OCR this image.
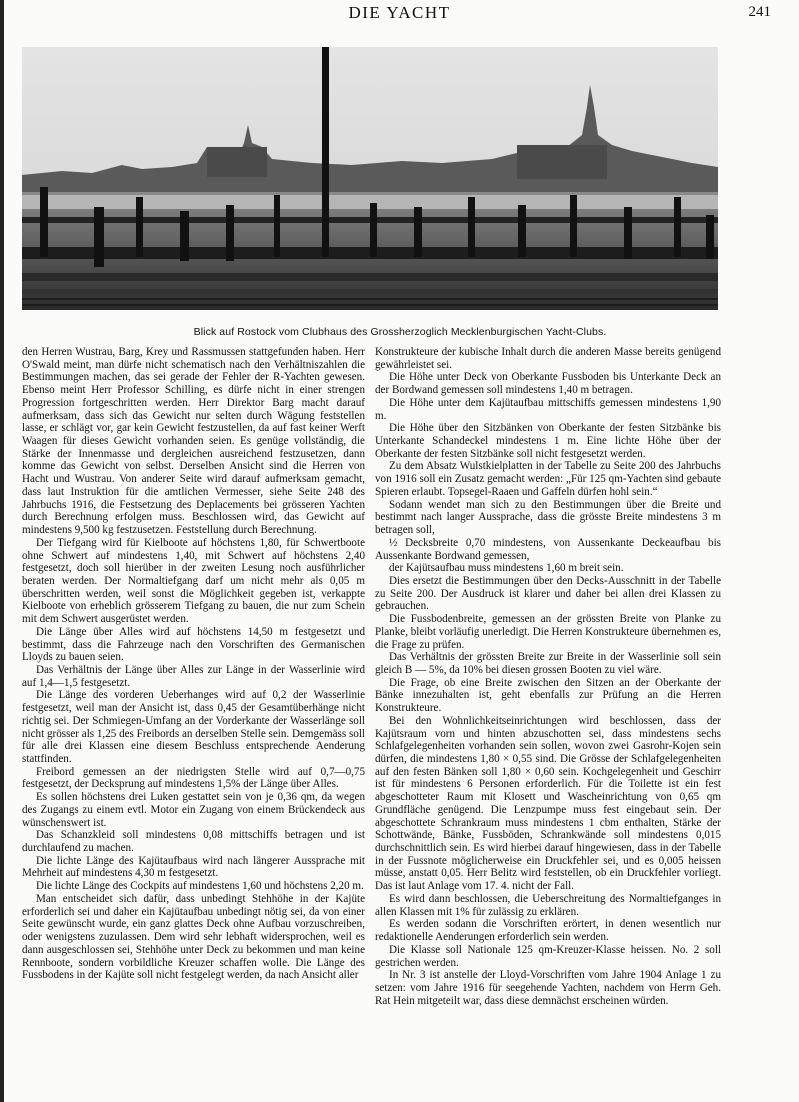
DIE YACHT	241
Blick auf Rostock vom Clubhaus des Grossherzoglich Mecklenburgischen Yacht-Clubs.

den Herren Wustrau, Barg, Krey und Rassmussen stattgefunden haben. Herr O'Swald meint, man dürfe nicht schematisch nach den Verhältniszahlen die Bestimmungen machen, das sei gerade der Fehler der R-Yachten gewesen. Ebenso meint Herr Professor Schilling, es dürfe nicht in einer strengen Progression fortgeschritten werden. Herr Direktor Barg macht darauf aufmerksam, dass sich das Gewicht nur selten durch Wägung feststellen lasse, er schlägt vor, gar kein Gewicht festzustellen, da auf fast keiner Werft Waagen für dieses Gewicht vorhanden seien. Es genüge vollständig, die Stärke der Innenmasse und dergleichen ausreichend festzusetzen, dann komme das Gewicht von selbst. Derselben Ansicht sind die Herren von Hacht und Wustrau. Von anderer Seite wird darauf aufmerksam gemacht, dass laut Instruktion für die amtlichen Vermesser, siehe Seite 248 des Jahrbuchs 1916, die Festsetzung des Deplacements bei grösseren Yachten durch Berechnung erfolgen muss. Beschlossen wird, das Gewicht auf mindestens 9,500 kg festzusetzen. Feststellung durch Berechnung.

Der Tiefgang wird für Kielboote auf höchstens 1,80, für Schwertboote ohne Schwert auf mindestens 1,40, mit Schwert auf höchstens 2,40 festgesetzt, doch soll hierüber in der zweiten Lesung noch ausführlicher beraten werden. Der Normaltiefgang darf um nicht mehr als 0,05 m überschritten werden, weil sonst die Möglichkeit gegeben ist, verkappte Kielboote von erheblich grösserem Tiefgang zu bauen, die nur zum Schein mit dem Schwert ausgerüstet werden.

Die Länge über Alles wird auf höchstens 14,50 m festgesetzt und bestimmt, dass die Fahrzeuge nach den Vorschriften des Germanischen Lloyds zu bauen seien.

Das Verhältnis der Länge über Alles zur Länge in der Wasserlinie wird auf 1,4—1,5 festgesetzt.

Die Länge des vorderen Ueberhanges wird auf 0,2 der Wasserlinie festgesetzt, weil man der Ansicht ist, dass 0,45 der Gesamtüberhänge nicht richtig sei. Der Schmiegen-Umfang an der Vorderkante der Wasserlänge soll nicht grösser als 1,25 des Freibords an derselben Stelle sein. Demgemäss soll für alle drei Klassen eine diesem Beschluss entsprechende Aenderung stattfinden.

Freibord gemessen an der niedrigsten Stelle wird auf 0,7—0,75 festgesetzt, der Decksprung auf mindestens 1,5% der Länge über Alles.

Es sollen höchstens drei Luken gestattet sein von je 0,36 qm, da wegen des Zugangs zu einem evtl. Motor ein Zugang von einem Brückendeck aus wünschenswert ist.

Das Schanzkleid soll mindestens 0,08 mittschiffs betragen und ist durchlaufend zu machen.

Die lichte Länge des Kajütaufbaus wird nach längerer Aussprache mit Mehrheit auf mindestens 4,30 m festgesetzt.

Die lichte Länge des Cockpits auf mindestens 1,60 und höchstens 2,20 m.

Man entscheidet sich dafür, dass unbedingt Stehhöhe in der Kajüte erforderlich sei und daher ein Kajütaufbau unbedingt nötig sei, da von einer Seite gewünscht wurde, ein ganz glattes Deck ohne Aufbau vorzuschreiben, oder wenigstens zuzulassen. Dem wird sehr lebhaft widersprochen, weil es dann ausgeschlossen sei, Stehhöhe unter Deck zu bekommen und man keine Rennboote, sondern vorbildliche Kreuzer schaffen wolle. Die Länge des Fussbodens in der Kajüte soll nicht festgelegt werden, da nach Ansicht aller

Konstrukteure der kubische Inhalt durch die anderen Masse bereits genügend gewährleistet sei.

Die Höhe unter Deck von Oberkante Fussboden bis Unterkante Deck an der Bordwand gemessen soll mindestens 1,40 m betragen.

Die Höhe unter dem Kajütaufbau mittschiffs gemessen mindestens 1,90 m.

Die Höhe über den Sitzbänken von Oberkante der festen Sitzbänke bis Unterkante Schandeckel mindestens 1 m. Eine lichte Höhe über der Oberkante der festen Sitzbänke soll nicht festgesetzt werden.

Zu dem Absatz Wulstkielplatten in der Tabelle zu Seite 200 des Jahrbuchs von 1916 soll ein Zusatz gemacht werden: „Für 125 qm-Yachten sind gebaute Spieren erlaubt. Topsegel-Raaen und Gaffeln dürfen hohl sein.“

Sodann wendet man sich zu den Bestimmungen über die Breite und bestimmt nach langer Aussprache, dass die grösste Breite mindestens 3 m betragen soll,

½ Decksbreite 0,70 mindestens, von Aussenkante Deckeaufbau bis Aussenkante Bordwand gemessen,

der Kajütsaufbau muss mindestens 1,60 m breit sein.

Dies ersetzt die Bestimmungen über den Decks-Ausschnitt in der Tabelle zu Seite 200. Der Ausdruck ist klarer und daher bei allen drei Klassen zu gebrauchen.

Die Fussbodenbreite, gemessen an der grössten Breite von Planke zu Planke, bleibt vorläufig unerledigt. Die Herren Konstrukteure übernehmen es, die Frage zu prüfen.

Das Verhältnis der grössten Breite zur Breite in der Wasserlinie soll sein gleich B — 5%, da 10% bei diesen grossen Booten zu viel wäre.

Die Frage, ob eine Breite zwischen den Sitzen an der Oberkante der Bänke innezuhalten ist, geht ebenfalls zur Prüfung an die Herren Konstrukteure.

Bei den Wohnlichkeitseinrichtungen wird beschlossen, dass der Kajütsraum vorn und hinten abzuschotten sei, dass mindestens sechs Schlafgelegenheiten vorhanden sein sollen, wovon zwei Gasrohr-Kojen sein dürfen, die mindestens 1,80 × 0,55 sind. Die Grösse der Schlafgelegenheiten auf den festen Bänken soll 1,80 × 0,60 sein. Kochgelegenheit und Geschirr ist für mindestens 6 Personen erforderlich. Für die Toilette ist ein fest abgeschotteter Raum mit Klosett und Wascheinrichtung von 0,65 qm Grundfläche genügend. Die Lenzpumpe muss fest eingebaut sein. Der abgeschottete Schrankraum muss mindestens 1 cbm enthalten, Stärke der Schottwände, Bänke, Fussböden, Schrankwände soll mindestens 0,015 durchschnittlich sein. Es wird hierbei darauf hingewiesen, dass in der Tabelle in der Fussnote möglicherweise ein Druckfehler sei, und es 0,005 heissen müsse, anstatt 0,05. Herr Belitz wird feststellen, ob ein Druckfehler vorliegt. Das ist laut Anlage vom 17. 4. nicht der Fall.

Es wird dann beschlossen, die Ueberschreitung des Normaltiefganges in allen Klassen mit 1% für zulässig zu erklären.

Es werden sodann die Vorschriften erörtert, in denen wesentlich nur redaktionelle Aenderungen erforderlich sein werden.

Die Klasse soll Nationale 125 qm-Kreuzer-Klasse heissen. No. 2 soll gestrichen werden.

In Nr. 3 ist anstelle der Lloyd-Vorschriften vom Jahre 1904 Anlage 1 zu setzen: vom Jahre 1916 für seegehende Yachten, nachdem von Herrn Geh. Rat Hein mitgeteilt war, dass diese demnächst erscheinen würden.
